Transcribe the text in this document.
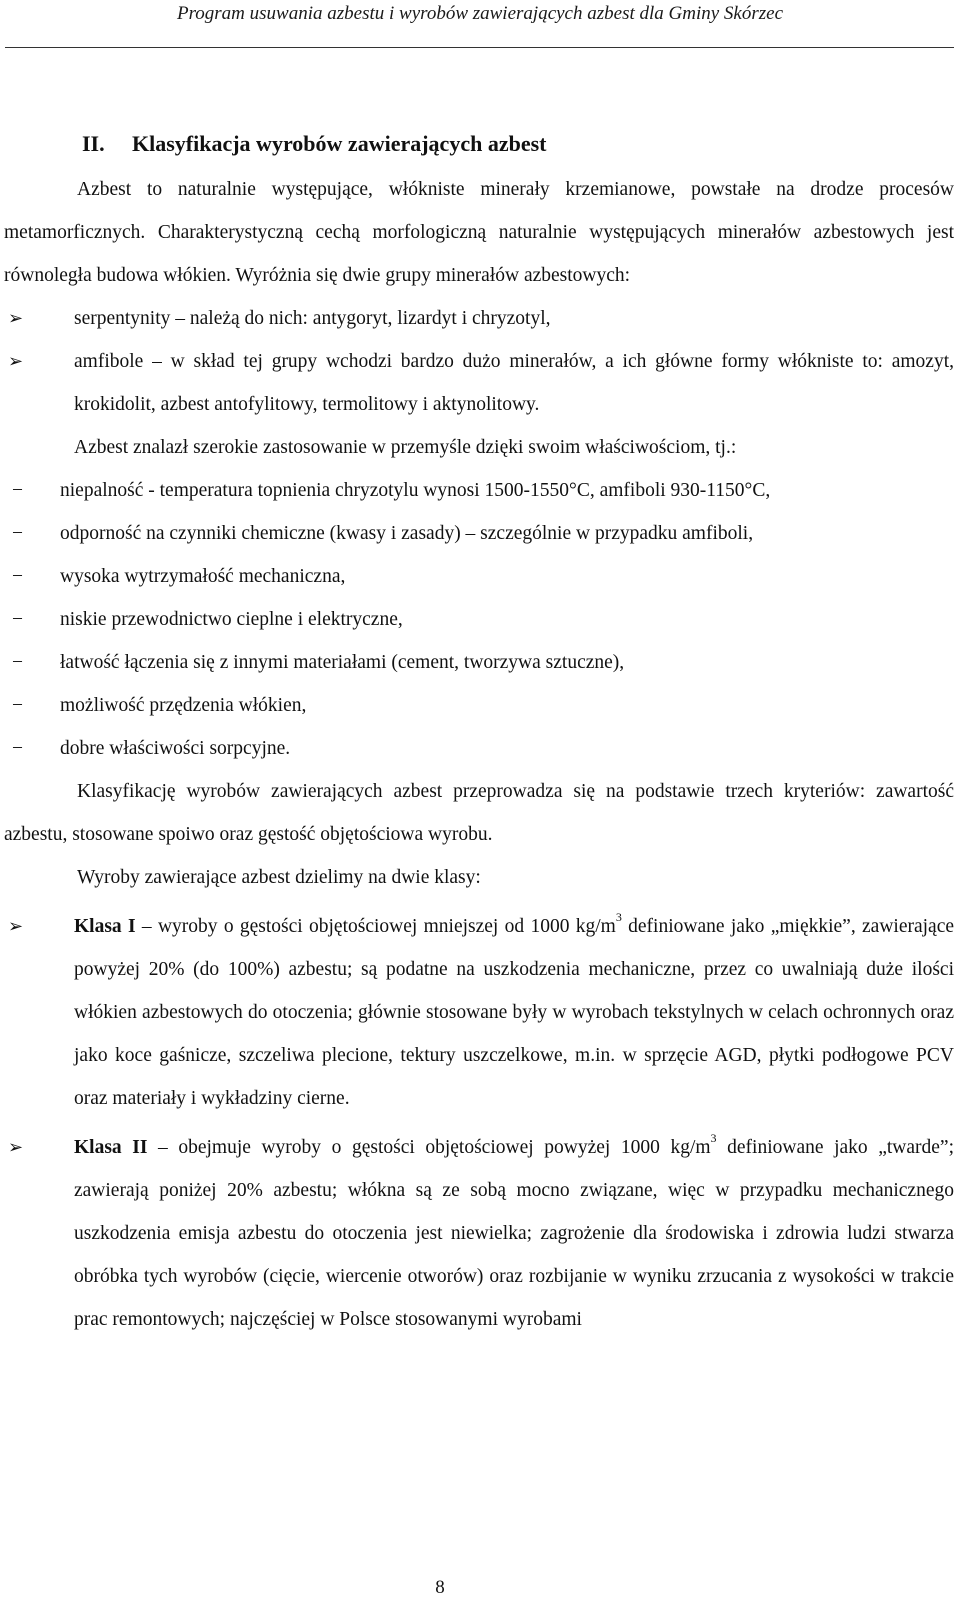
Program usuwania azbestu i wyrobów zawierających azbest dla Gminy Skórzec
II. Klasyfikacja wyrobów zawierających azbest

Azbest to naturalnie występujące, włókniste minerały krzemianowe, powstałe na drodze procesów metamorficznych. Charakterystyczną cechą morfologiczną naturalnie występujących minerałów azbestowych jest równoległa budowa włókien. Wyróżnia się dwie grupy minerałów azbestowych:

➢	serpentynity – należą do nich: antygoryt, lizardyt i chryzotyl,
➢	amfibole – w skład tej grupy wchodzi bardzo dużo minerałów, a ich główne formy włókniste to: amozyt, krokidolit, azbest antofylitowy, termolitowy i aktynolitowy.

Azbest znalazł szerokie zastosowanie w przemyśle dzięki swoim właściwościom, tj.:

− niepalność - temperatura topnienia chryzotylu wynosi 1500-1550°C, amfiboli 930-1150°C,
− odporność na czynniki chemiczne (kwasy i zasady) – szczególnie w przypadku amfiboli,
− wysoka wytrzymałość mechaniczna,
− niskie przewodnictwo cieplne i elektryczne,
− łatwość łączenia się z innymi materiałami (cement, tworzywa sztuczne),
− możliwość przędzenia włókien,
− dobre właściwości sorpcyjne.

Klasyfikację wyrobów zawierających azbest przeprowadza się na podstawie trzech kryteriów: zawartość azbestu, stosowane spoiwo oraz gęstość objętościowa wyrobu.

Wyroby zawierające azbest dzielimy na dwie klasy:

➢	Klasa I – wyroby o gęstości objętościowej mniejszej od 1000 $kg/m^3$ definiowane jako „miękkie”, zawierające powyżej 20% (do 100%) azbestu; są podatne na uszkodzenia mechaniczne, przez co uwalniają duże ilości włókien azbestowych do otoczenia; głównie stosowane były w wyrobach tekstylnych w celach ochronnych oraz jako koce gaśnicze, szczeliwa plecione, tektury uszczelkowe, m.in. w sprzęcie AGD, płytki podłogowe PCV oraz materiały i wykładziny cierne.
➢	Klasa II – obejmuje wyroby o gęstości objętościowej powyżej 1000 $kg/m^3$ definiowane jako „twarde”; zawierają poniżej 20% azbestu; włókna są ze sobą mocno związane, więc w przypadku mechanicznego uszkodzenia emisja azbestu do otoczenia jest niewielka; zagrożenie dla środowiska i zdrowia ludzi stwarza obróbka tych wyrobów (cięcie, wiercenie otworów) oraz rozbijanie w wyniku zrzucania z wysokości w trakcie prac remontowych; najczęściej w Polsce stosowanymi wyrobami
8
